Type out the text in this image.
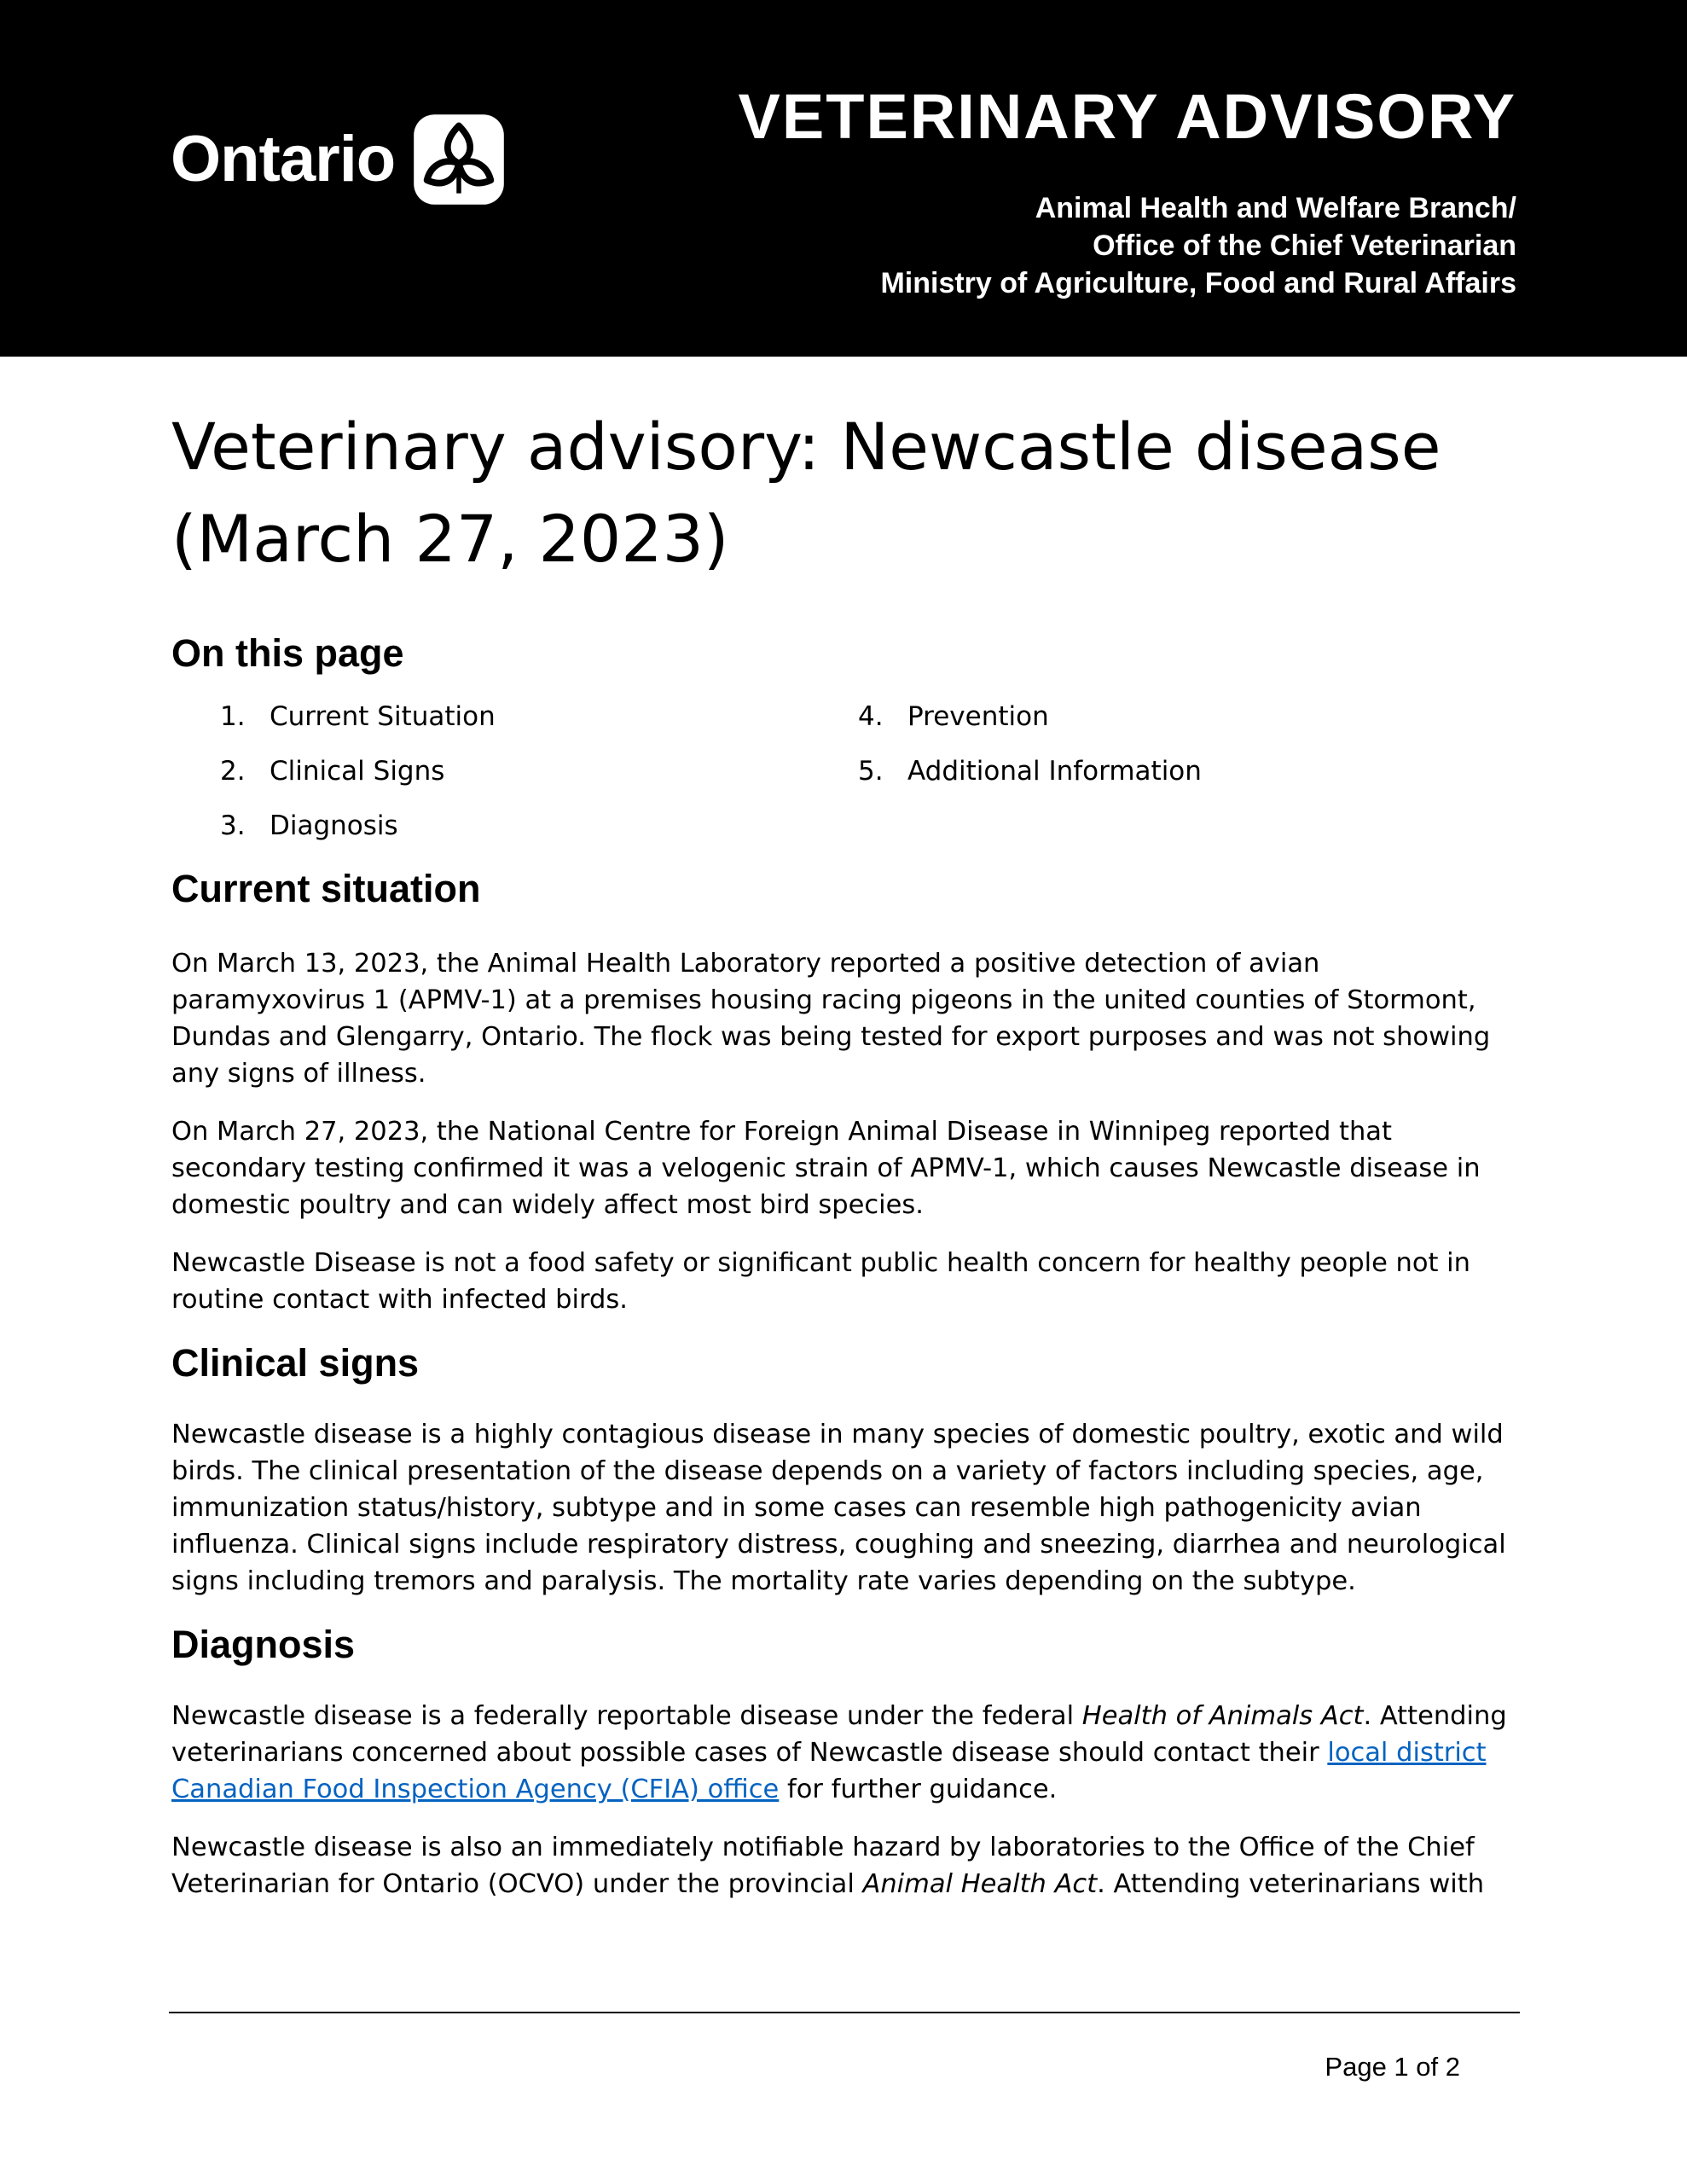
Ontario
VETERINARY ADVISORY
Animal Health and Welfare Branch/
Office of the Chief Veterinarian
Ministry of Agriculture, Food and Rural Affairs
Veterinary advisory: Newcastle disease
(March 27, 2023)
On this page
1. Current Situation
2. Clinical Signs
3. Diagnosis
4. Prevention
5. Additional Information
Current situation

On March 13, 2023, the Animal Health Laboratory reported a positive detection of avian paramyxovirus 1 (APMV-1) at a premises housing racing pigeons in the united counties of Stormont, Dundas and Glengarry, Ontario. The flock was being tested for export purposes and was not showing any signs of illness.

On March 27, 2023, the National Centre for Foreign Animal Disease in Winnipeg reported that secondary testing confirmed it was a velogenic strain of APMV-1, which causes Newcastle disease in domestic poultry and can widely affect most bird species.

Newcastle Disease is not a food safety or significant public health concern for healthy people not in routine contact with infected birds.

Clinical signs

Newcastle disease is a highly contagious disease in many species of domestic poultry, exotic and wild birds. The clinical presentation of the disease depends on a variety of factors including species, age, immunization status/history, subtype and in some cases can resemble high pathogenicity avian influenza. Clinical signs include respiratory distress, coughing and sneezing, diarrhea and neurological signs including tremors and paralysis. The mortality rate varies depending on the subtype.

Diagnosis

Newcastle disease is a federally reportable disease under the federal Health of Animals Act. Attending veterinarians concerned about possible cases of Newcastle disease should contact their local district Canadian Food Inspection Agency (CFIA) office for further guidance.

Newcastle disease is also an immediately notifiable hazard by laboratories to the Office of the Chief Veterinarian for Ontario (OCVO) under the provincial Animal Health Act. Attending veterinarians with

Page 1 of 2
